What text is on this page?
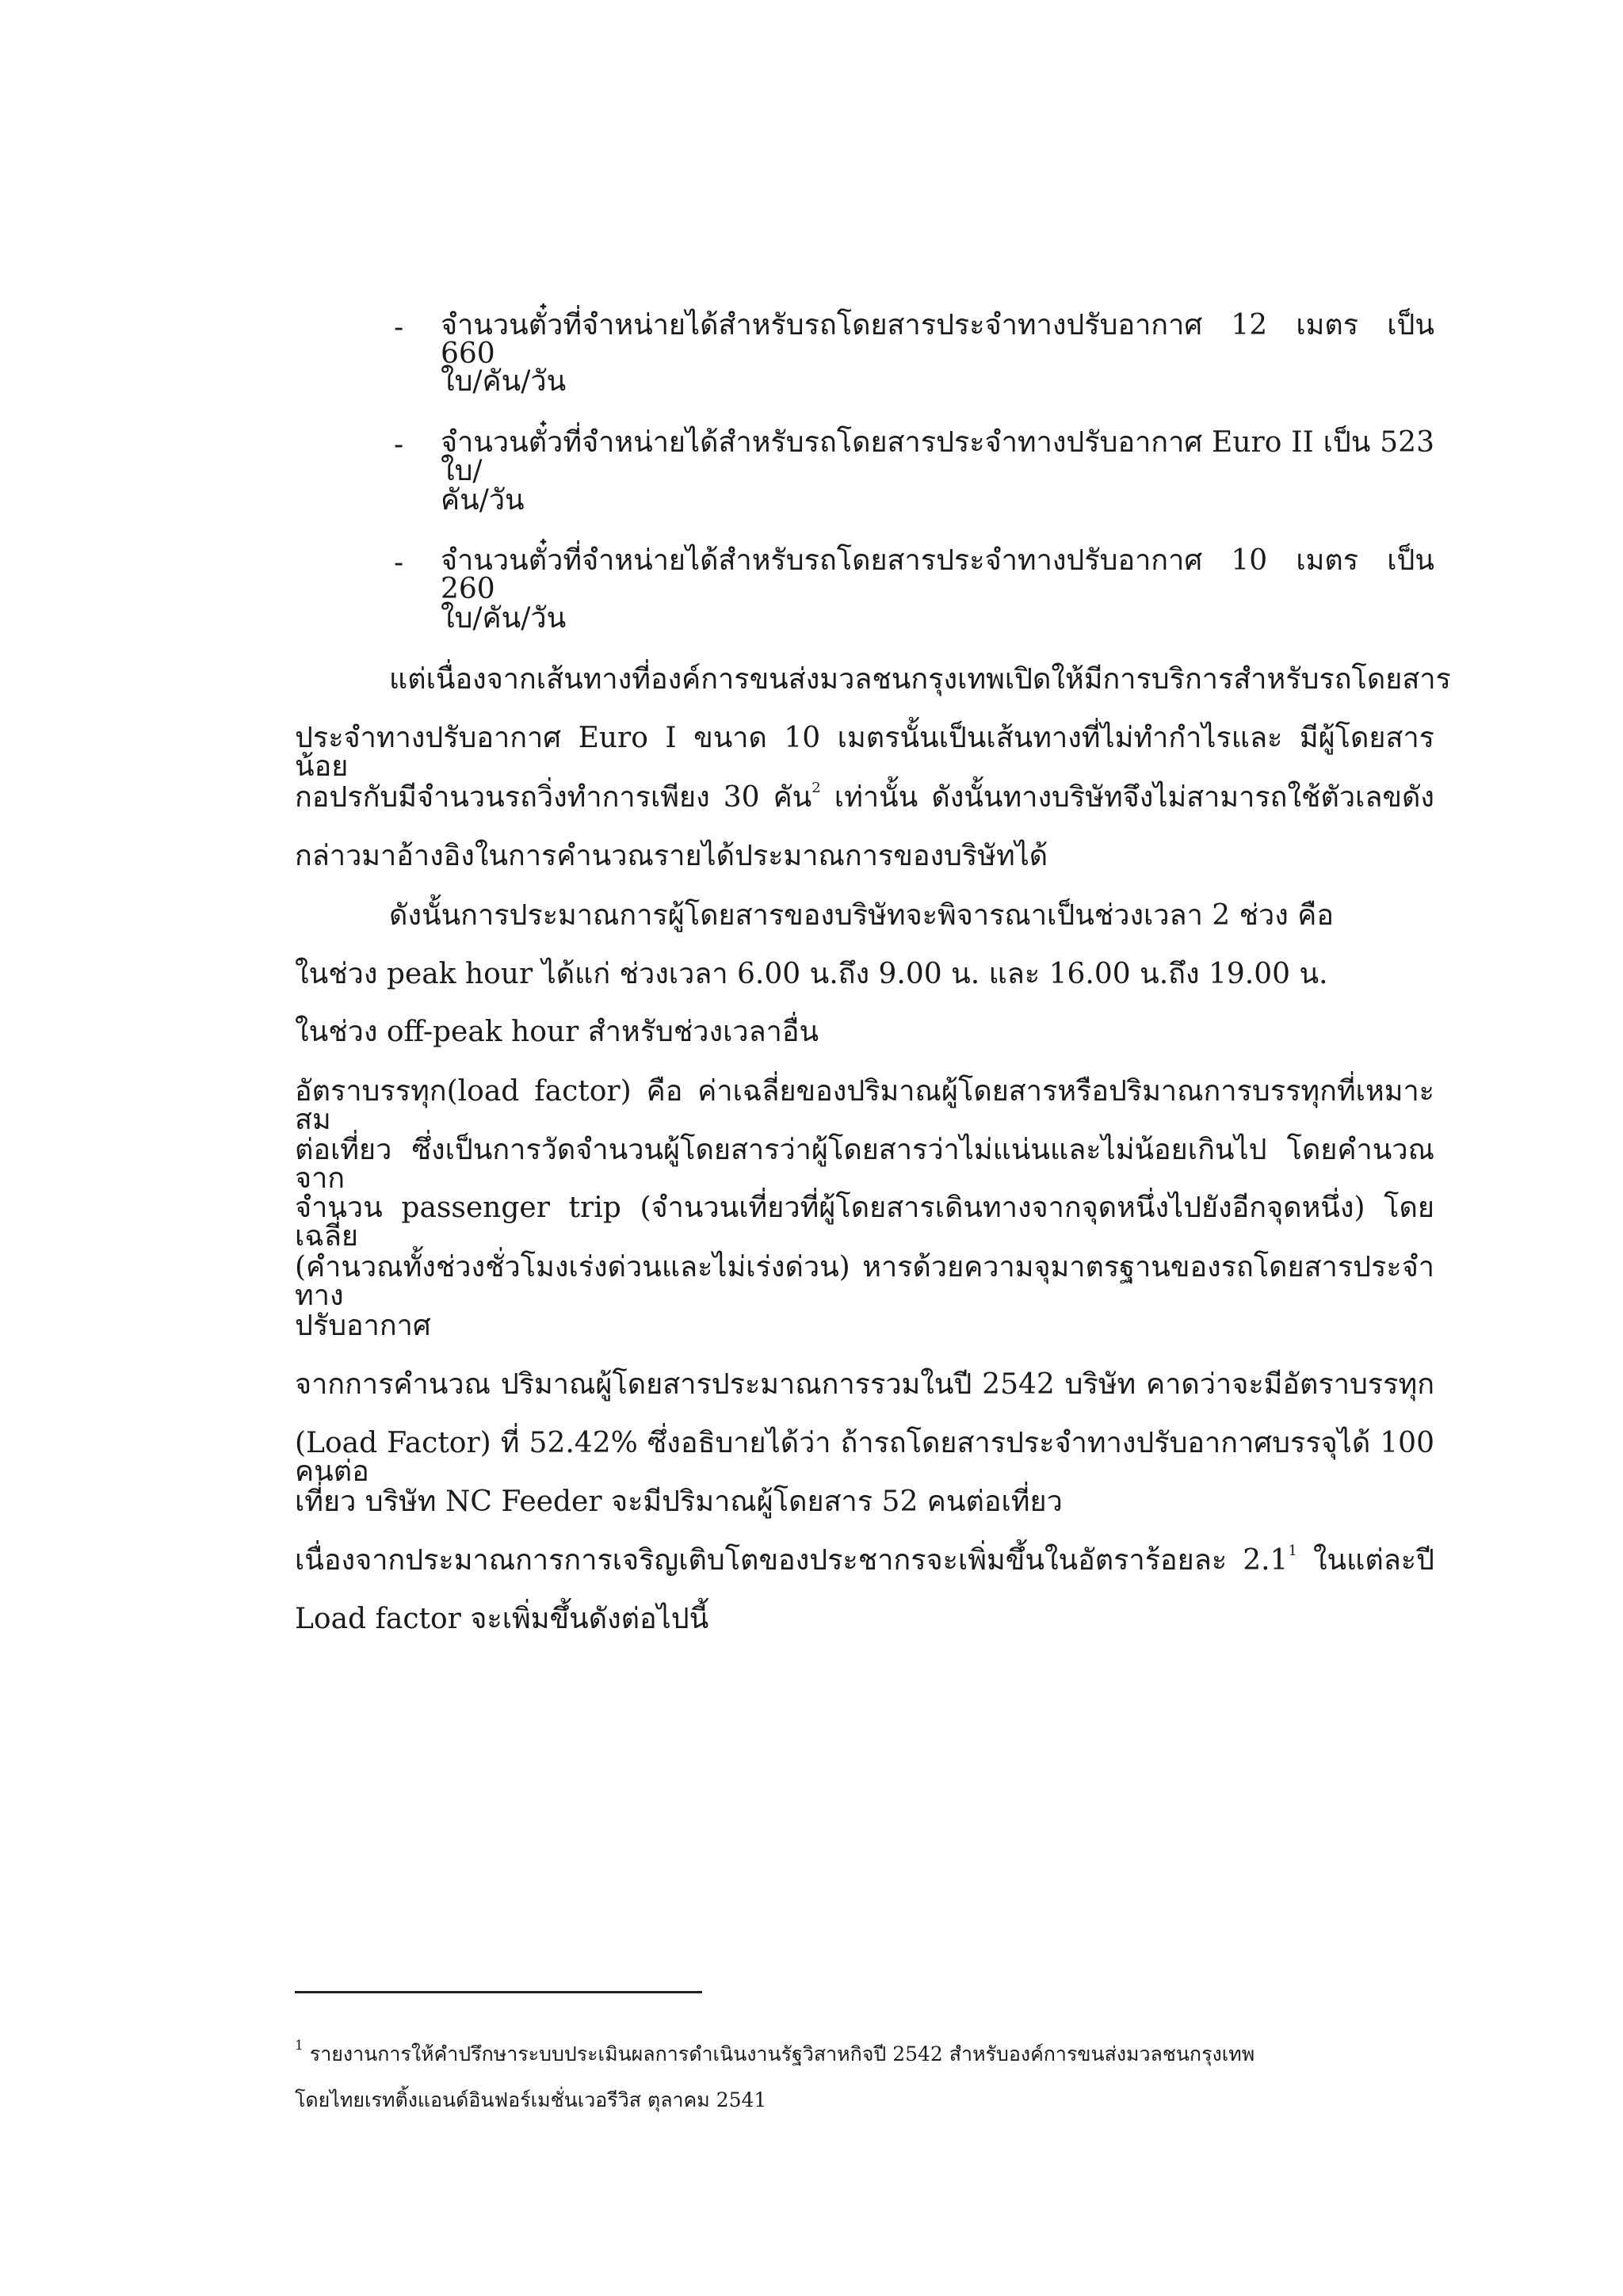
- จำนวนตั๋วที่จำหน่ายได้สำหรับรถโดยสารประจำทางปรับอากาศ 12 เมตร เป็น 660
ใบ/คัน/วัน
- จำนวนตั๋วที่จำหน่ายได้สำหรับรถโดยสารประจำทางปรับอากาศ Euro II เป็น 523 ใบ/
คัน/วัน
- จำนวนตั๋วที่จำหน่ายได้สำหรับรถโดยสารประจำทางปรับอากาศ 10 เมตร เป็น 260
ใบ/คัน/วัน
แต่เนื่องจากเส้นทางที่องค์การขนส่งมวลชนกรุงเทพเปิดให้มีการบริการสำหรับรถโดยสาร
ประจำทางปรับอากาศ Euro I ขนาด 10 เมตรนั้นเป็นเส้นทางที่ไม่ทำกำไรและ มีผู้โดยสารน้อย
กอปรกับมีจำนวนรถวิ่งทำการเพียง 30 คัน$^2$ เท่านั้น ดังนั้นทางบริษัทจึงไม่สามารถใช้ตัวเลขดัง
กล่าวมาอ้างอิงในการคำนวณรายได้ประมาณการของบริษัทได้
ดังนั้นการประมาณการผู้โดยสารของบริษัทจะพิจารณาเป็นช่วงเวลา 2 ช่วง คือ
ในช่วง peak hour ได้แก่ ช่วงเวลา 6.00 น.ถึง 9.00 น. และ 16.00 น.ถึง 19.00 น.
ในช่วง off-peak hour สำหรับช่วงเวลาอื่น
อัตราบรรทุก(load factor) คือ ค่าเฉลี่ยของปริมาณผู้โดยสารหรือปริมาณการบรรทุกที่เหมาะสม
ต่อเที่ยว ซึ่งเป็นการวัดจำนวนผู้โดยสารว่าผู้โดยสารว่าไม่แน่นและไม่น้อยเกินไป โดยคำนวณจาก
จำนวน passenger trip (จำนวนเที่ยวที่ผู้โดยสารเดินทางจากจุดหนึ่งไปยังอีกจุดหนึ่ง) โดยเฉลี่ย
(คำนวณทั้งช่วงชั่วโมงเร่งด่วนและไม่เร่งด่วน) หารด้วยความจุมาตรฐานของรถโดยสารประจำทาง
ปรับอากาศ
จากการคำนวณ ปริมาณผู้โดยสารประมาณการรวมในปี 2542 บริษัท คาดว่าจะมีอัตราบรรทุก
(Load Factor) ที่ 52.42% ซึ่งอธิบายได้ว่า ถ้ารถโดยสารประจำทางปรับอากาศบรรจุได้ 100 คนต่อ
เที่ยว บริษัท NC Feeder จะมีปริมาณผู้โดยสาร 52 คนต่อเที่ยว
เนื่องจากประมาณการการเจริญเติบโตของประชากรจะเพิ่มขึ้นในอัตราร้อยละ $2.1^1$ ในแต่ละปี
Load factor จะเพิ่มขึ้นดังต่อไปนี้
$^1$ รายงานการให้คำปรึกษาระบบประเมินผลการดำเนินงานรัฐวิสาหกิจปี 2542 สำหรับองค์การขนส่งมวลชนกรุงเทพ
โดยไทยเรทติ้งแอนด์อินฟอร์เมชั่นเวอรีวิส ตุลาคม 2541
